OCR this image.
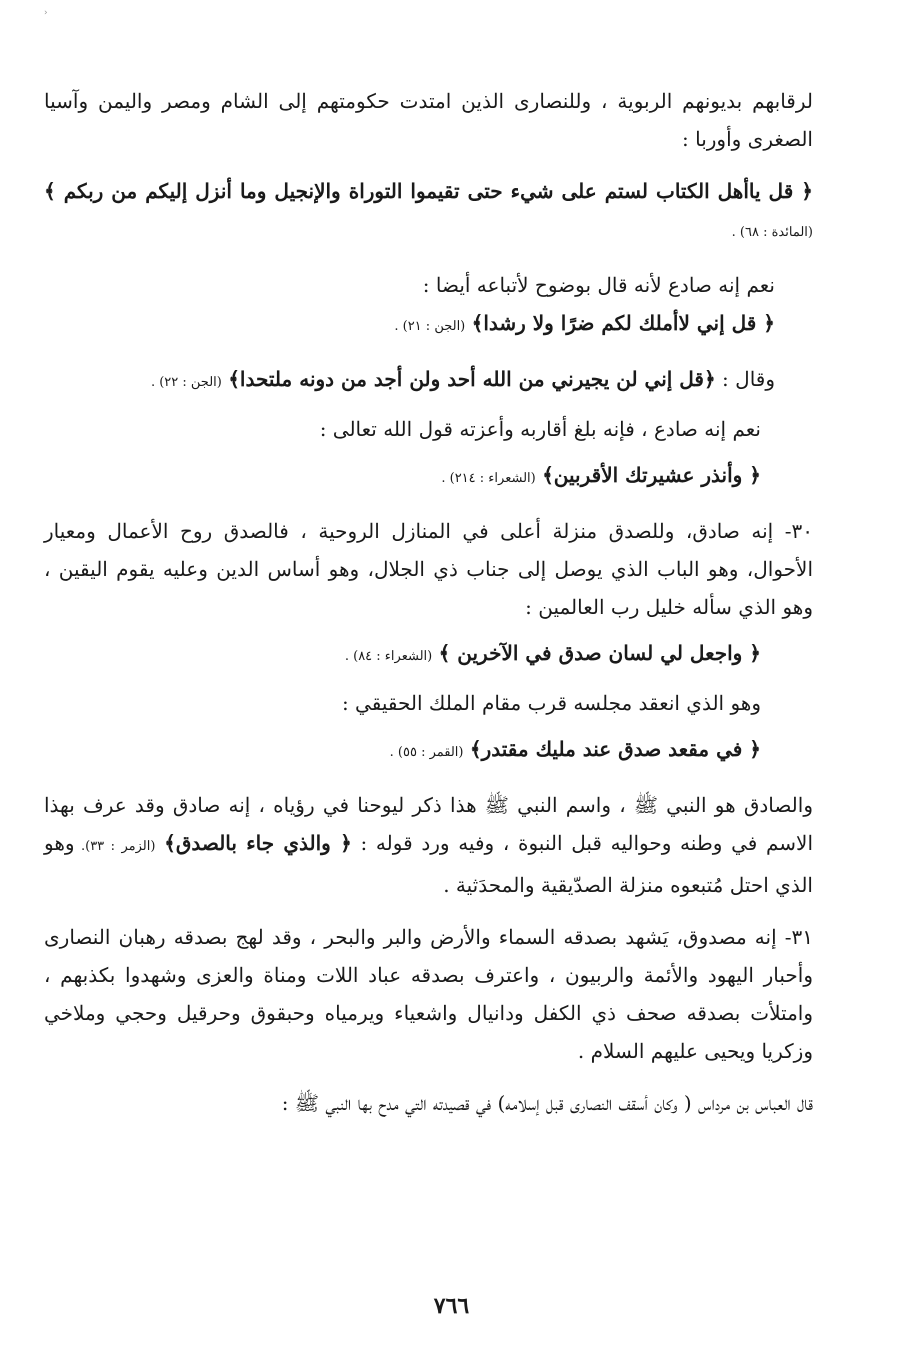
‹

لرقابهم بديونهم الربوية ، وللنصارى الذين امتدت حكومتهم إلى الشام ومصر واليمن وآسيا الصغرى وأوربا :

﴿ قل ياأهل الكتاب لستم على شيء حتى تقيموا التوراة والإنجيل وما أنزل إليكم من ربكم ﴾ (المائدة : ٦٨) .

نعم إنه صادع لأنه قال بوضوح لأتباعه أيضا :

﴿ قل إني لاأملك لكم ضرًا ولا رشدا﴾ (الجن : ٢١) .

وقال : ﴿قل إني لن يجيرني من الله أحد ولن أجد من دونه ملتحدا﴾ (الجن : ٢٢) .

نعم إنه صادع ، فإنه بلغ أقاربه وأعزته قول الله تعالى :

﴿ وأنذر عشيرتك الأقربين﴾ (الشعراء : ٢١٤) .

٣٠- إنه صادق، وللصدق منزلة أعلى في المنازل الروحية ، فالصدق روح الأعمال ومعيار الأحوال، وهو الباب الذي يوصل إلى جناب ذي الجلال، وهو أساس الدين وعليه يقوم اليقين ، وهو الذي سأله خليل رب العالمين :

﴿ واجعل لي لسان صدق في الآخرين ﴾ (الشعراء : ٨٤) .

وهو الذي انعقد مجلسه قرب مقام الملك الحقيقي :

﴿ في مقعد صدق عند مليك مقتدر﴾ (القمر : ٥٥) .

والصادق هو النبي ﷺ ، واسم النبي ﷺ هذا ذكر ليوحنا في رؤياه ، إنه صادق وقد عرف بهذا الاسم في وطنه وحواليه قبل النبوة ، وفيه ورد قوله : ﴿ والذي جاء بالصدق﴾ (الزمر : ٣٣). وهو الذي احتل مُتبعوه منزلة الصدّيقية والمحدَثية .

٣١- إنه مصدوق، يَشهد بصدقه السماء والأرض والبر والبحر ، وقد لهج بصدقه رهبان النصارى وأحبار اليهود والأئمة والربيون ، واعترف بصدقه عباد اللات ومناة والعزى وشهدوا بكذبهم ، وامتلأت بصدقه صحف ذي الكفل ودانيال واشعياء ويرمياه وحبقوق وحرقيل وحجي وملاخي وزكريا ويحيى عليهم السلام .

قال العباس بن مرداس ( وكان أسقف النصارى قبل إسلامه) في قصيدته التي مدح بها النبي ﷺ :

٧٦٦
